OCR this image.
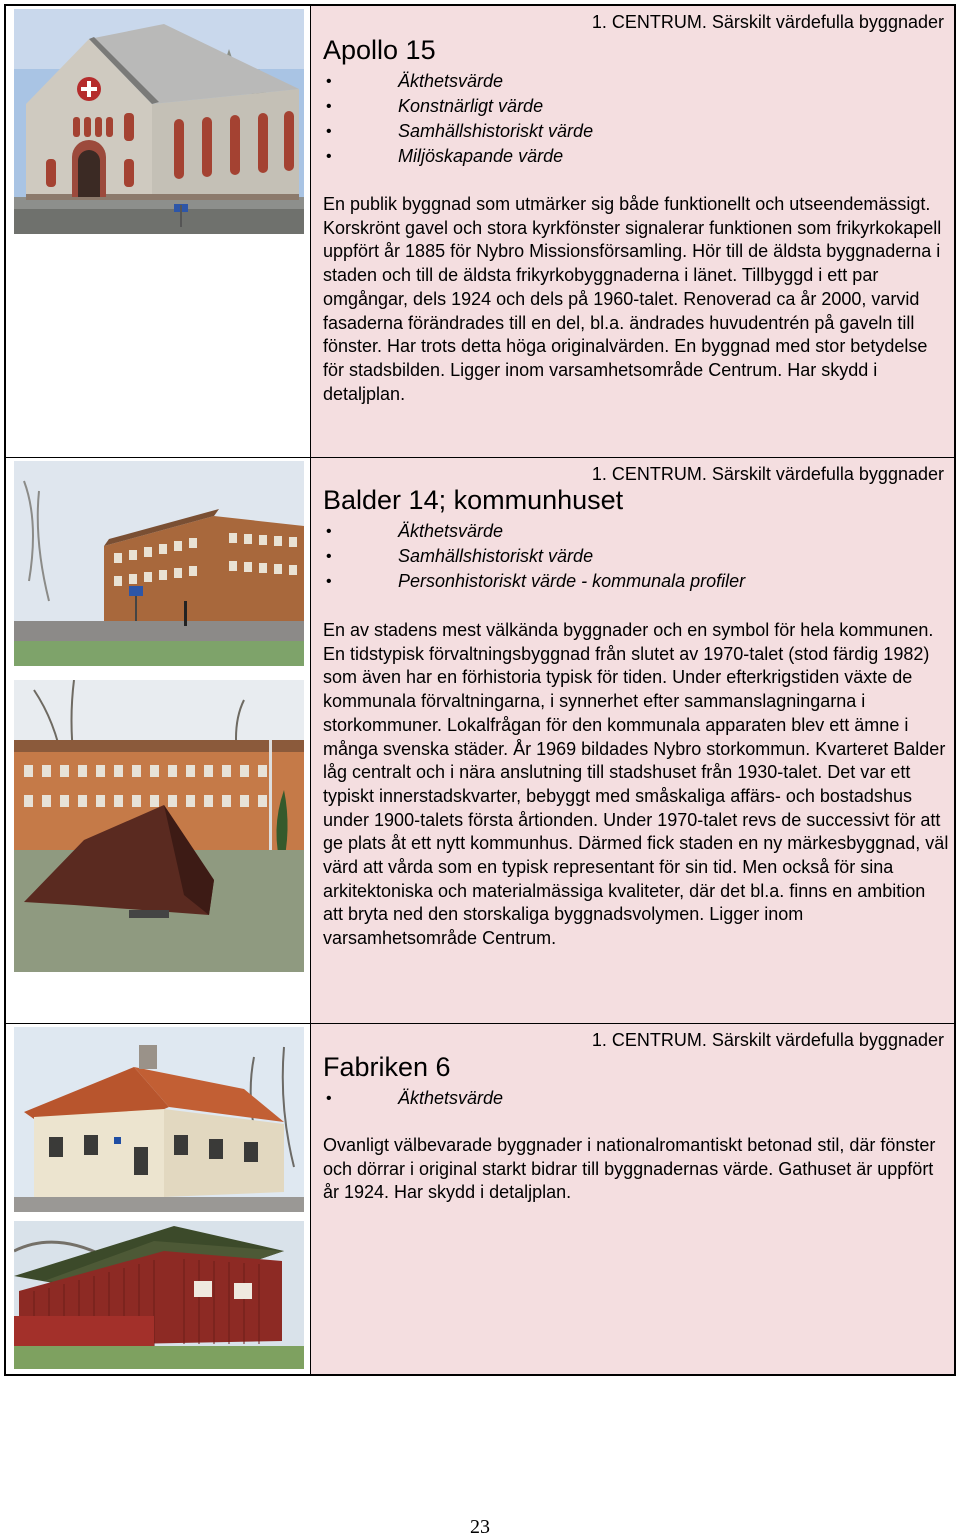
1. CENTRUM. Särskilt värdefulla byggnader
Apollo 15
• Äkthetsvärde
• Konstnärligt värde
• Samhällshistoriskt värde
• Miljöskapande värde

En publik byggnad som utmärker sig både funktionellt och utseendemässigt. Korskrönt gavel och stora kyrkfönster signalerar funktionen som frikyrkokapell uppfört år 1885 för Nybro Missionsförsamling. Hör till de äldsta byggnaderna i staden och till de äldsta frikyrkobyggnaderna i länet. Tillbyggd i ett par omgångar, dels 1924 och dels på 1960-talet. Renoverad ca år 2000, varvid fasaderna förändrades till en del, bl.a. ändrades huvudentrén på gaveln till fönster. Har trots detta höga originalvärden. En byggnad med stor betydelse för stadsbilden. Ligger inom varsamhetsområde Centrum. Har skydd i detaljplan.

1. CENTRUM. Särskilt värdefulla byggnader
Balder 14; kommunhuset
• Äkthetsvärde
• Samhällshistoriskt värde
• Personhistoriskt värde - kommunala profiler

En av stadens mest välkända byggnader och en symbol för hela kommunen. En tidstypisk förvaltningsbyggnad från slutet av 1970-talet (stod färdig 1982) som även har en förhistoria typisk för tiden. Under efterkrigstiden växte de kommunala förvaltningarna, i synnerhet efter sammanslagningarna i storkommuner. Lokalfrågan för den kommunala apparaten blev ett ämne i många svenska städer. År 1969 bildades Nybro storkommun. Kvarteret Balder låg centralt och i nära anslutning till stadshuset från 1930-talet. Det var ett typiskt innerstadskvarter, bebyggt med småskaliga affärs- och bostadshus under 1900-talets första årtionden. Under 1970-talet revs de successivt för att ge plats åt ett nytt kommunhus. Därmed fick staden en ny märkesbyggnad, väl värd att vårda som en typisk representant för sin tid. Men också för sina arkitektoniska och materialmässiga kvaliteter, där det bl.a. finns en ambition att bryta ned den storskaliga byggnadsvolymen. Ligger inom varsamhetsområde Centrum.

1. CENTRUM. Särskilt värdefulla byggnader
Fabriken 6
• Äkthetsvärde

Ovanligt välbevarade byggnader i nationalromantiskt betonad stil, där fönster och dörrar i original starkt bidrar till byggnadernas värde. Gathuset är uppfört år 1924. Har skydd i detaljplan.

23
